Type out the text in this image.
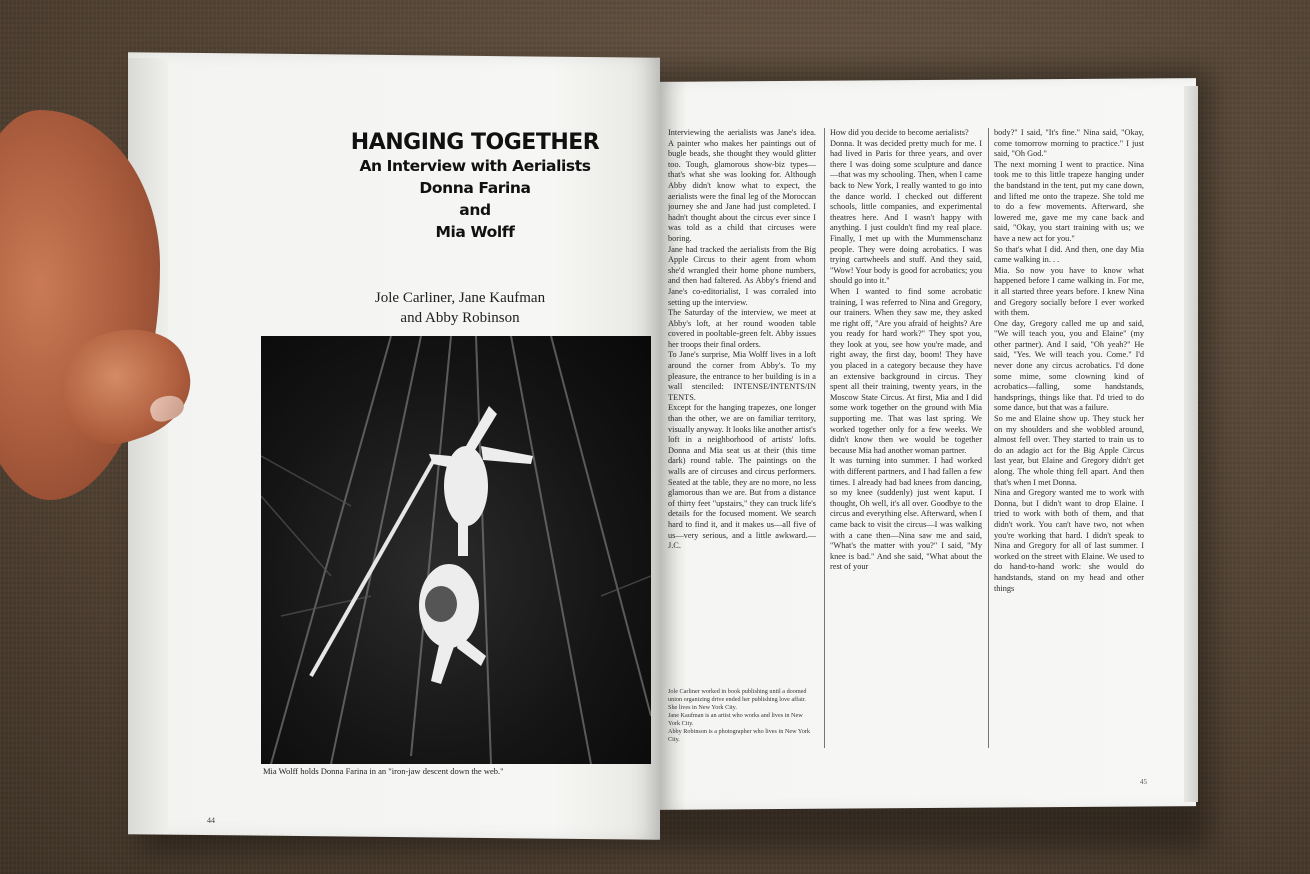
HANGING TOGETHER

An Interview with Aerialists

Donna Farina

and

Mia Wolff

Jole Carliner, Jane Kaufman
and Abby Robinson
Mia Wolff holds Donna Farina in an "iron-jaw descent down the web."
44
45
Interviewing the aerialists was Jane's idea. A painter who makes her paintings out of bugle beads, she thought they would glitter too. Tough, glamorous show-biz types—that's what she was looking for. Although Abby didn't know what to expect, the aerialists were the final leg of the Moroccan journey she and Jane had just completed. I hadn't thought about the circus ever since I was told as a child that circuses were boring.
Jane had tracked the aerialists from the Big Apple Circus to their agent from whom she'd wrangled their home phone numbers, and then had faltered. As Abby's friend and Jane's co-editorialist, I was corraled into setting up the interview.
The Saturday of the interview, we meet at Abby's loft, at her round wooden table covered in pooltable-green felt. Abby issues her troops their final orders.
To Jane's surprise, Mia Wolff lives in a loft around the corner from Abby's. To my pleasure, the entrance to her building is in a wall stenciled: INTENSE/INTENTS/IN TENTS.
Except for the hanging trapezes, one longer than the other, we are on familiar territory, visually anyway. It looks like another artist's loft in a neighborhood of artists' lofts. Donna and Mia seat us at their (this time dark) round table. The paintings on the walls are of circuses and circus performers. Seated at the table, they are no more, no less glamorous than we are. But from a distance of thirty feet "upstairs," they can truck life's details for the focused moment. We search hard to find it, and it makes us—all five of us—very serious, and a little awkward.—J.C.
How did you decide to become aerialists?
Donna. It was decided pretty much for me. I had lived in Paris for three years, and over there I was doing some sculpture and dance—that was my schooling. Then, when I came back to New York, I really wanted to go into the dance world. I checked out different schools, little companies, and experimental theatres here. And I wasn't happy with anything. I just couldn't find my real place. Finally, I met up with the Mummenschanz people. They were doing acrobatics. I was trying cartwheels and stuff. And they said, "Wow! Your body is good for acrobatics; you should go into it."
When I wanted to find some acrobatic training, I was referred to Nina and Gregory, our trainers. When they saw me, they asked me right off, "Are you afraid of heights? Are you ready for hard work?" They spot you, they look at you, see how you're made, and right away, the first day, boom! They have you placed in a category because they have an extensive background in circus. They spent all their training, twenty years, in the Moscow State Circus. At first, Mia and I did some work together on the ground with Mia supporting me. That was last spring. We worked together only for a few weeks. We didn't know then we would be together because Mia had another woman partner.
It was turning into summer. I had worked with different partners, and I had fallen a few times. I already had bad knees from dancing, so my knee (suddenly) just went kaput. I thought, Oh well, it's all over. Goodbye to the circus and everything else. Afterward, when I came back to visit the circus—I was walking with a cane then—Nina saw me and said, "What's the matter with you?" I said, "My knee is bad." And she said, "What about the rest of your
body?" I said, "It's fine." Nina said, "Okay, come tomorrow morning to practice." I just said, "Oh God."
The next morning I went to practice. Nina took me to this little trapeze hanging under the bandstand in the tent, put my cane down, and lifted me onto the trapeze. She told me to do a few movements. Afterward, she lowered me, gave me my cane back and said, "Okay, you start training with us; we have a new act for you."
So that's what I did. And then, one day Mia came walking in. . .
Mia. So now you have to know what happened before I came walking in. For me, it all started three years before. I knew Nina and Gregory socially before I ever worked with them.
One day, Gregory called me up and said, "We will teach you, you and Elaine" (my other partner). And I said, "Oh yeah?" He said, "Yes. We will teach you. Come." I'd never done any circus acrobatics. I'd done some mime, some clowning kind of acrobatics—falling, some handstands, handsprings, things like that. I'd tried to do some dance, but that was a failure.
So me and Elaine show up. They stuck her on my shoulders and she wobbled around, almost fell over. They started to train us to do an adagio act for the Big Apple Circus last year, but Elaine and Gregory didn't get along. The whole thing fell apart. And then that's when I met Donna.
Nina and Gregory wanted me to work with Donna, but I didn't want to drop Elaine. I tried to work with both of them, and that didn't work. You can't have two, not when you're working that hard. I didn't speak to Nina and Gregory for all of last summer. I worked on the street with Elaine. We used to do hand-to-hand work: she would do handstands, stand on my head and other things
Jole Carliner worked in book publishing until a doomed union organizing drive ended her publishing love affair. She lives in New York City.
Jane Kaufman is an artist who works and lives in New York City.
Abby Robinson is a photographer who lives in New York City.
